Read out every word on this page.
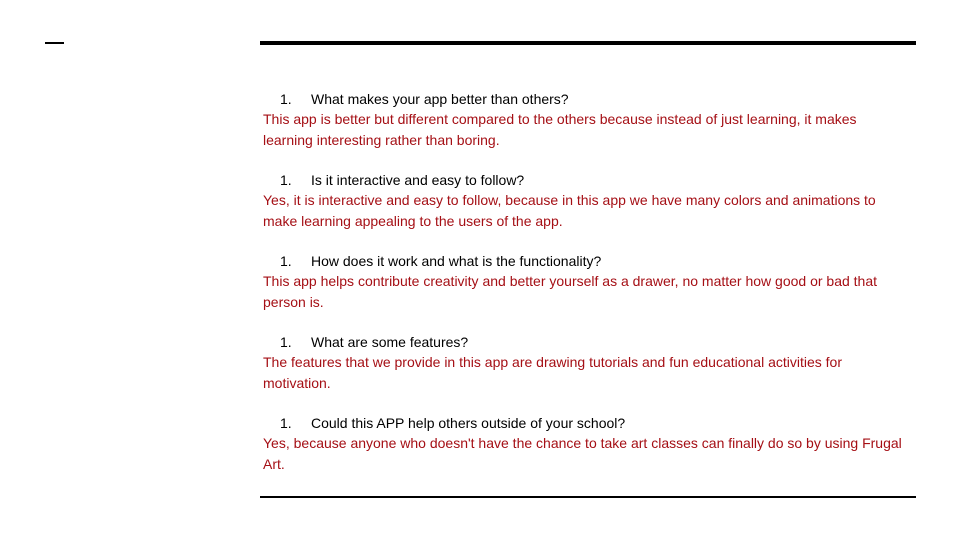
1.	What makes your app better than others?

This app is better but different compared to the others because instead of just learning, it makes learning interesting rather than boring.

1.	Is it interactive and easy to follow?

Yes, it is interactive and easy to follow, because in this app we have many colors and animations to make learning appealing to the users of the app.

1.	How does it work and what is the functionality?

This app helps contribute creativity and better yourself as a drawer, no matter how good or bad that person is.

1.	What are some features?

The features that we provide in this app are drawing tutorials and fun educational activities for motivation.

1.	Could this APP help others outside of your school?

Yes, because anyone who doesn't have the chance to take art classes can finally do so by using Frugal Art.
